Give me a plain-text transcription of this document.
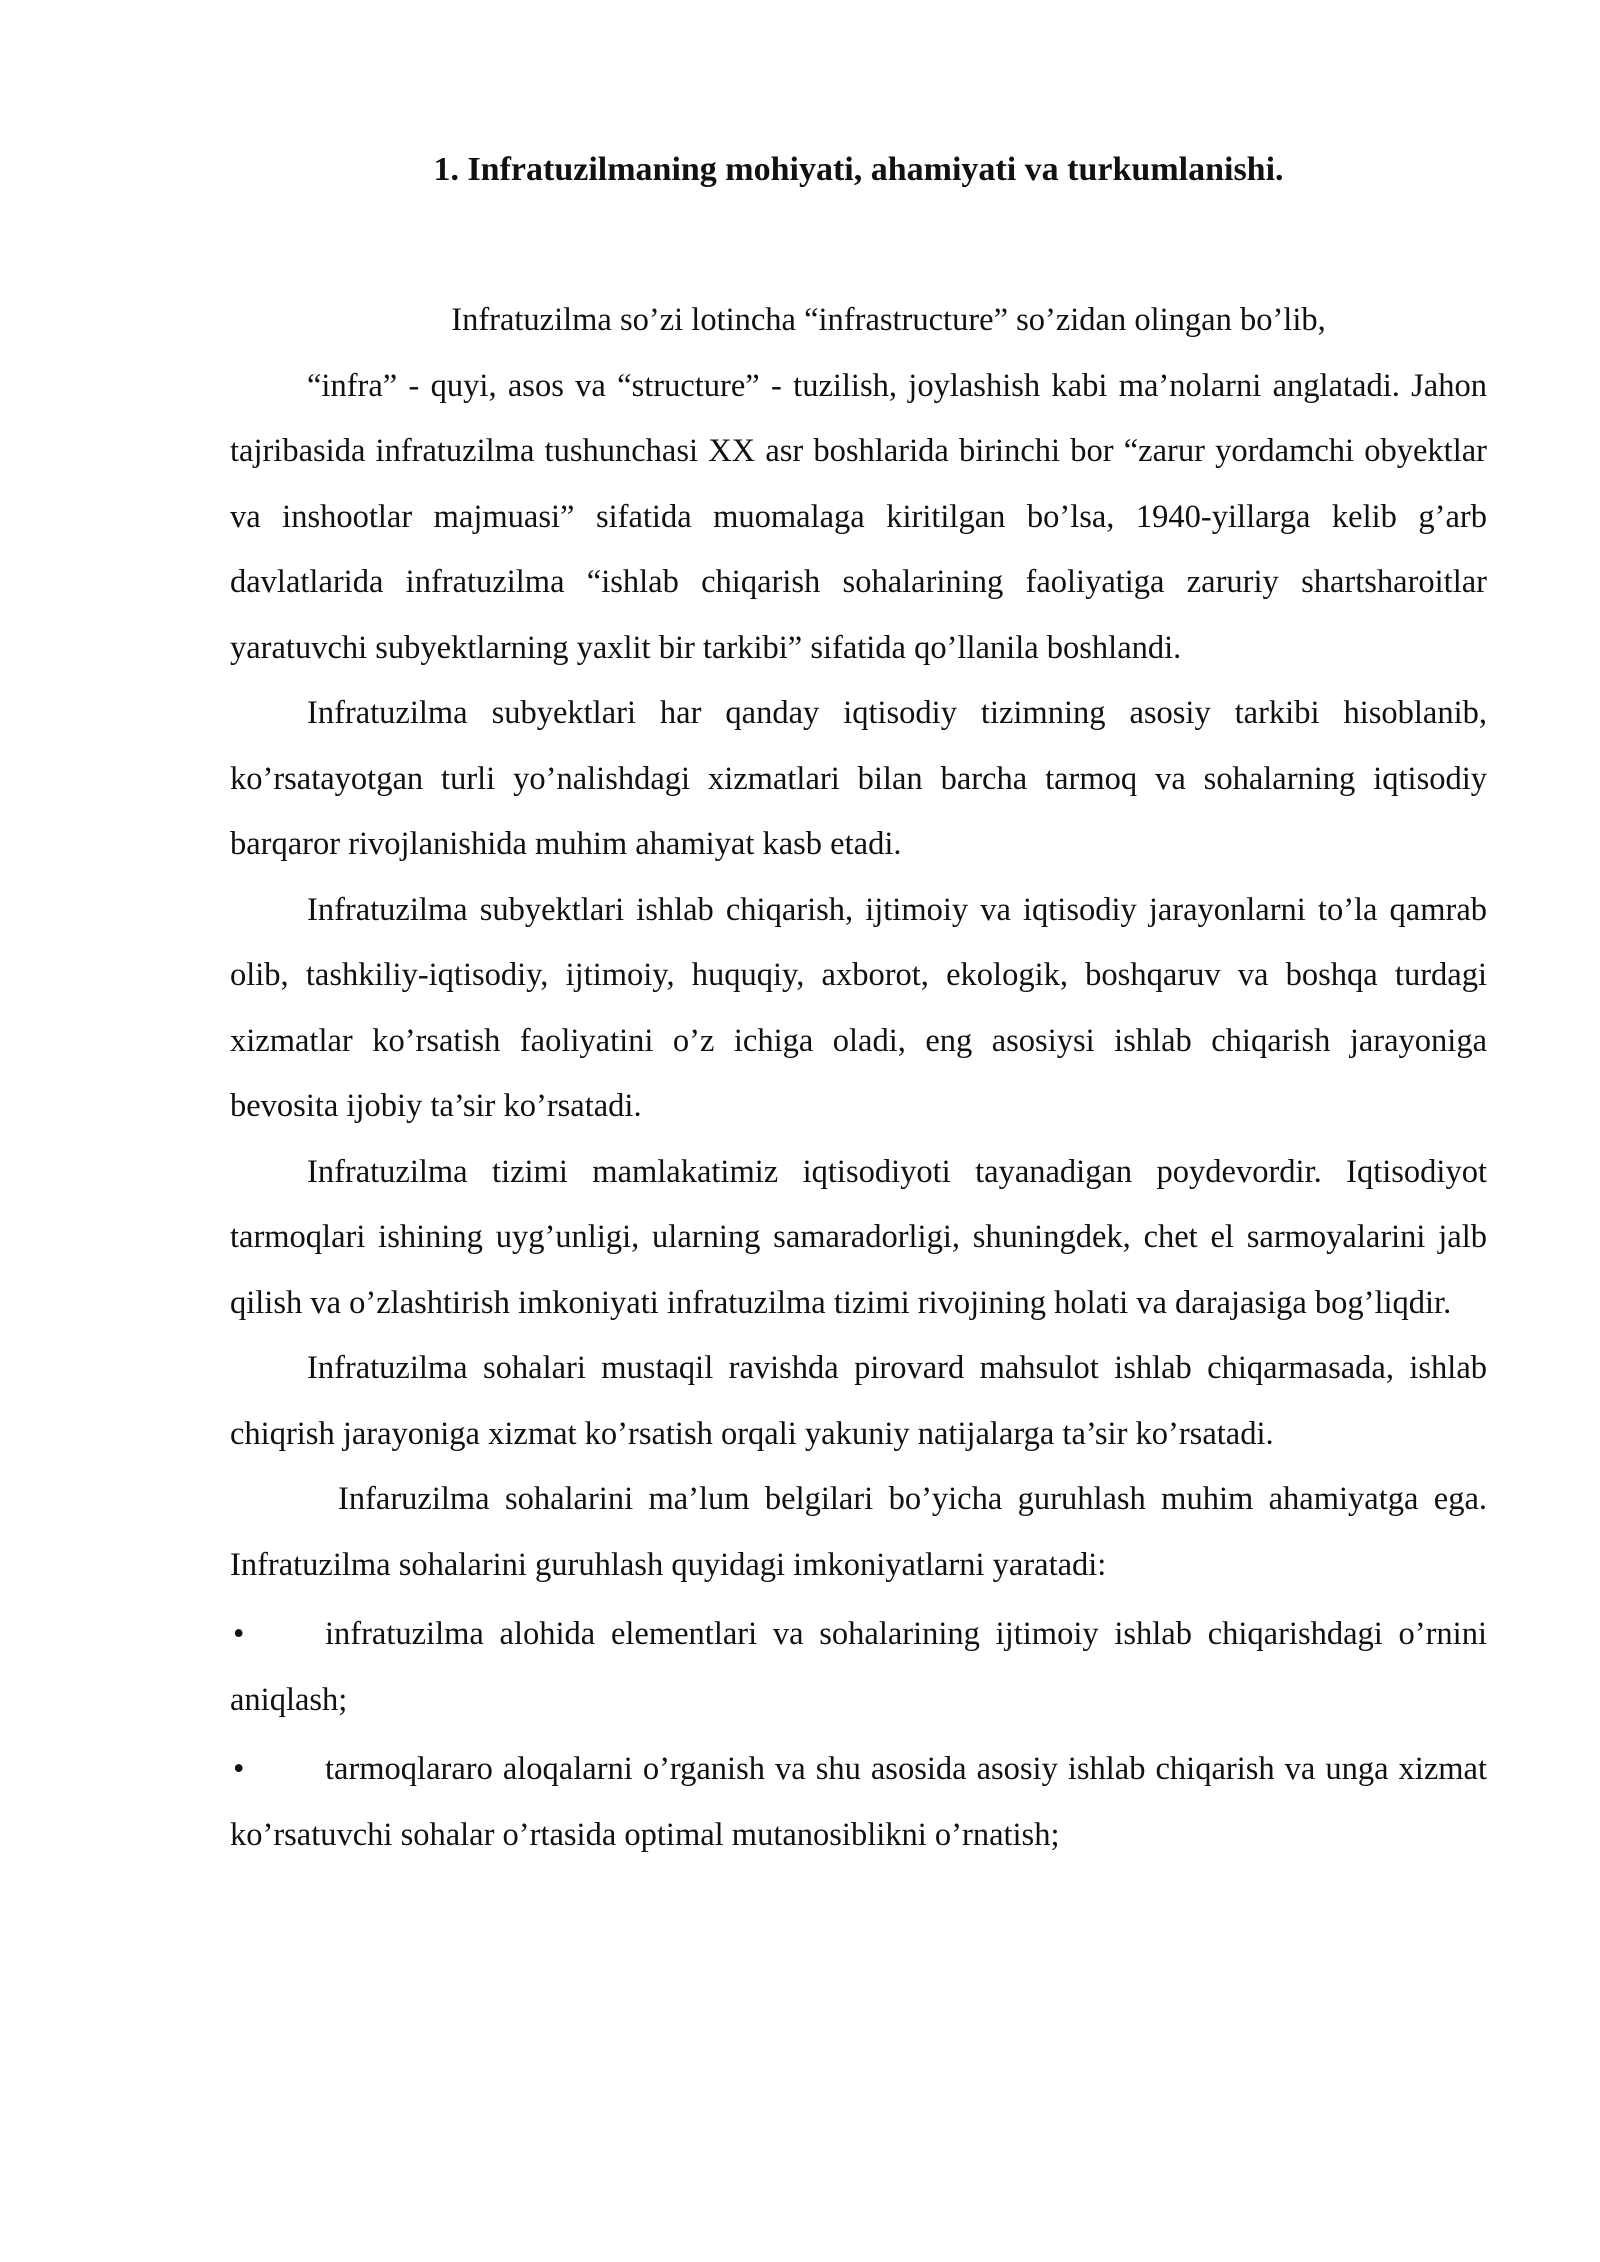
1. Infratuzilmaning mohiyati, ahamiyati va turkumlanishi.

Infratuzilma so’zi lotincha “infrastructure” so’zidan olingan bo’lib,

“infra” - quyi, asos va “structure” - tuzilish, joylashish kabi ma’nolarni anglatadi. Jahon tajribasida infratuzilma tushunchasi XX asr boshlarida birinchi bor “zarur yordamchi obyektlar va inshootlar majmuasi” sifatida muomalaga kiritilgan bo’lsa, 1940-yillarga kelib g’arb davlatlarida infratuzilma “ishlab chiqarish sohalarining faoliyatiga zaruriy shartsharoitlar yaratuvchi subyektlarning yaxlit bir tarkibi” sifatida qo’llanila boshlandi.

Infratuzilma subyektlari har qanday iqtisodiy tizimning asosiy tarkibi hisoblanib, ko’rsatayotgan turli yo’nalishdagi xizmatlari bilan barcha tarmoq va sohalarning iqtisodiy barqaror rivojlanishida muhim ahamiyat kasb etadi.

Infratuzilma subyektlari ishlab chiqarish, ijtimoiy va iqtisodiy jarayonlarni to’la qamrab olib, tashkiliy-iqtisodiy, ijtimoiy, huquqiy, axborot, ekologik, boshqaruv va boshqa turdagi xizmatlar ko’rsatish faoliyatini o’z ichiga oladi, eng asosiysi ishlab chiqarish jarayoniga bevosita ijobiy ta’sir ko’rsatadi.

Infratuzilma tizimi mamlakatimiz iqtisodiyoti tayanadigan poydevordir. Iqtisodiyot tarmoqlari ishining uyg’unligi, ularning samaradorligi, shuningdek, chet el sarmoyalarini jalb qilish va o’zlashtirish imkoniyati infratuzilma tizimi rivojining holati va darajasiga bog’liqdir.

Infratuzilma sohalari mustaqil ravishda pirovard mahsulot ishlab chiqarmasada, ishlab chiqrish jarayoniga xizmat ko’rsatish orqali yakuniy natijalarga ta’sir ko’rsatadi.

Infaruzilma sohalarini ma’lum belgilari bo’yicha guruhlash muhim ahamiyatga ega. Infratuzilma sohalarini guruhlash quyidagi imkoniyatlarni yaratadi:

• infratuzilma alohida elementlari va sohalarining ijtimoiy ishlab chiqarishdagi o’rnini aniqlash;

• tarmoqlararo aloqalarni o’rganish va shu asosida asosiy ishlab chiqarish va unga xizmat ko’rsatuvchi sohalar o’rtasida optimal mutanosiblikni o’rnatish;
